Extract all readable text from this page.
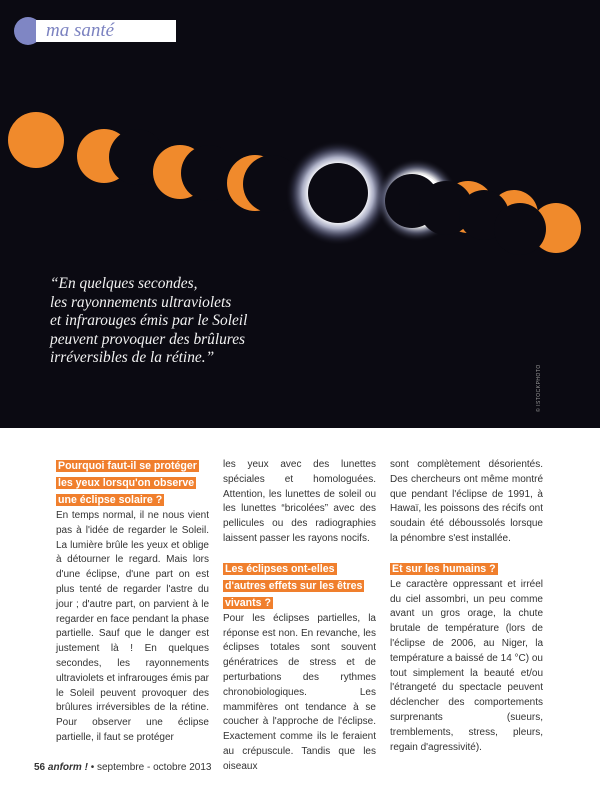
ma santé
“En quelques secondes,
les rayonnements ultraviolets
et infrarouges émis par le Soleil
peuvent provoquer des brûlures
irréversibles de la rétine.”
© ISTOCKPHOTO

Pourquoi faut-il se protéger les yeux lorsqu'on observe une éclipse solaire ?

En temps normal, il ne nous vient pas à l'idée de regarder le Soleil. La lumière brûle les yeux et oblige à détourner le regard. Mais lors d'une éclipse, d'une part on est plus tenté de regarder l'astre du jour ; d'autre part, on parvient à le regarder en face pendant la phase partielle. Sauf que le danger est justement là ! En quelques secondes, les rayonnements ultraviolets et infrarouges émis par le Soleil peuvent provoquer des brûlures irréversibles de la rétine. Pour observer une éclipse partielle, il faut se protéger

les yeux avec des lunettes spéciales et homologuées. Attention, les lunettes de soleil ou les lunettes “bricolées” avec des pellicules ou des radiographies laissent passer les rayons nocifs.

Les éclipses ont-elles d'autres effets sur les êtres vivants ?

Pour les éclipses partielles, la réponse est non. En revanche, les éclipses totales sont souvent génératrices de stress et de perturbations des rythmes chronobiologiques. Les mammifères ont tendance à se coucher à l'approche de l'éclipse. Exactement comme ils le feraient au crépuscule. Tandis que les oiseaux

sont complètement désorientés. Des chercheurs ont même montré que pendant l'éclipse de 1991, à Hawaï, les poissons des récifs ont soudain été déboussolés lorsque la pénombre s'est installée.

Et sur les humains ?

Le caractère oppressant et irréel du ciel assombri, un peu comme avant un gros orage, la chute brutale de température (lors de l'éclipse de 2006, au Niger, la température a baissé de 14 °C) ou tout simplement la beauté et/ou l'étrangeté du spectacle peuvent déclencher des comportements surprenants (sueurs, tremblements, stress, pleurs, regain d'agressivité).

56 anform ! • septembre - octobre 2013
